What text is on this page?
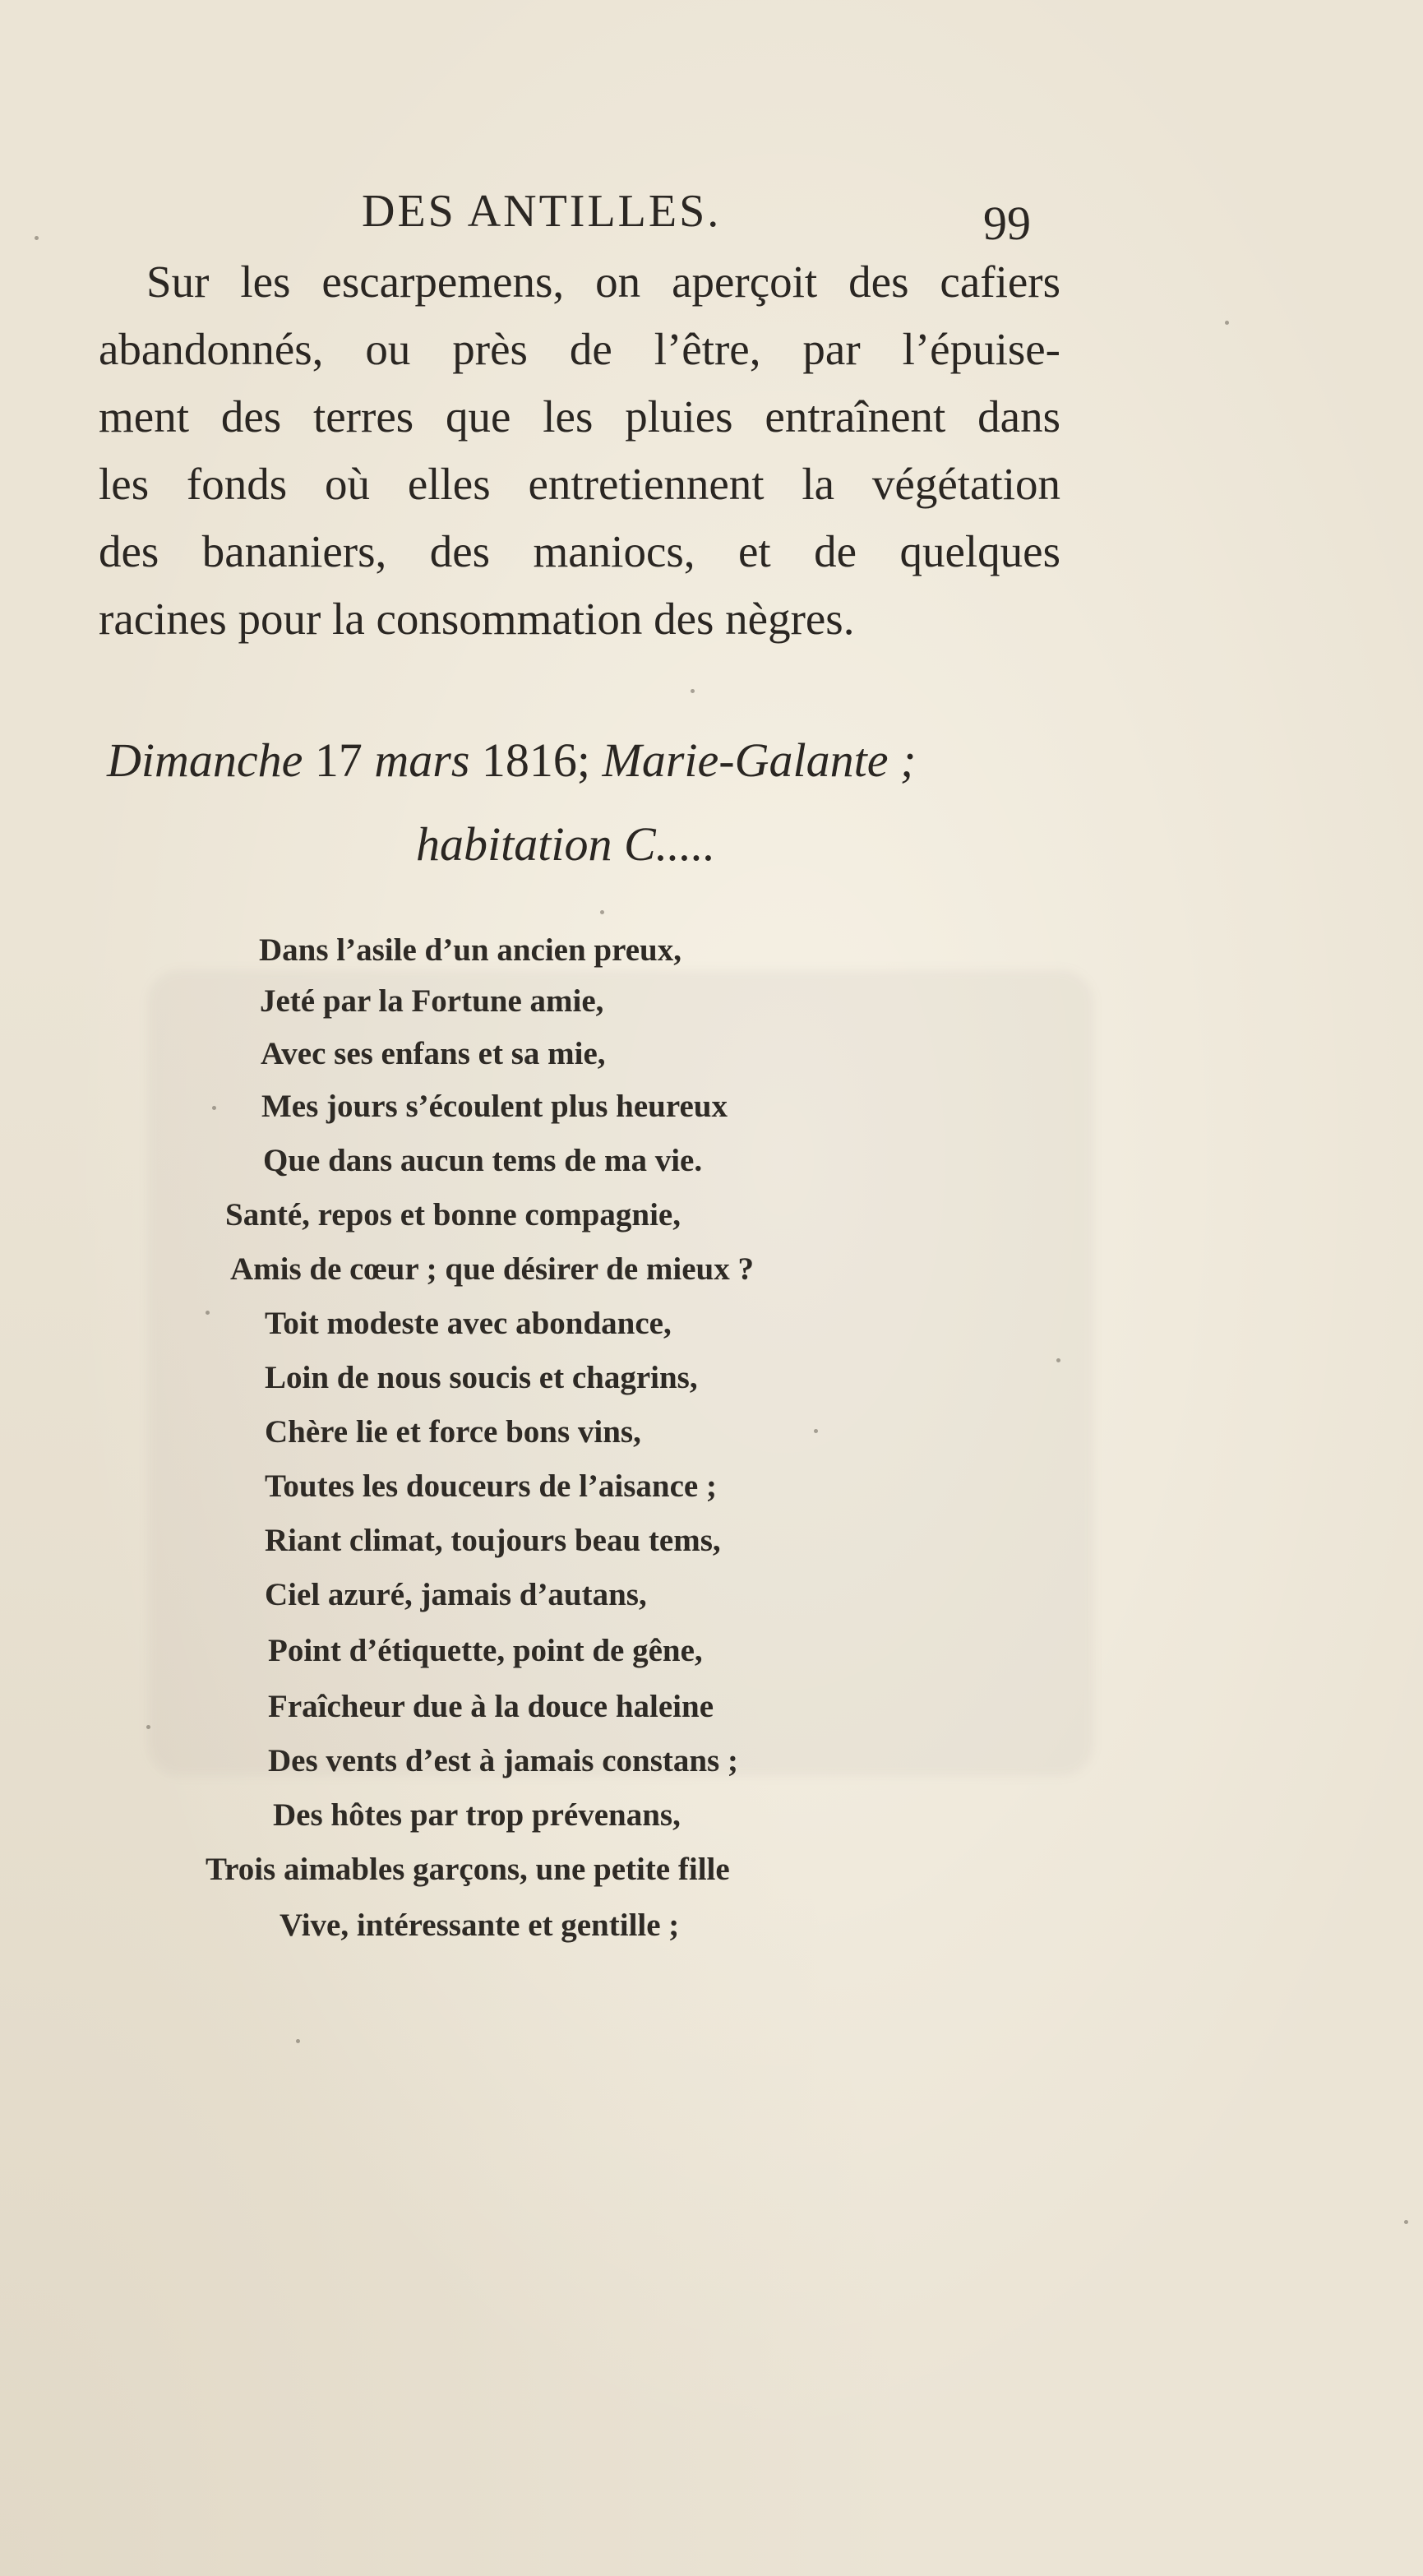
DES ANTILLES.	99
Sur les escarpemens, on aperçoit des cafiers
abandonnés, ou près de l’être, par l’épuise-
ment des terres que les pluies entraînent dans
les fonds où elles entretiennent la végétation
des bananiers, des maniocs, et de quelques
racines pour la consommation des nègres.
Dimanche 17 mars 1816; Marie-Galante ;
habitation C.....
Dans l’asile d’un ancien preux,
Jeté par la Fortune amie,
Avec ses enfans et sa mie,
Mes jours s’écoulent plus heureux
Que dans aucun tems de ma vie.
Santé, repos et bonne compagnie,
Amis de cœur ; que désirer de mieux ?
Toit modeste avec abondance,
Loin de nous soucis et chagrins,
Chère lie et force bons vins,
Toutes les douceurs de l’aisance ;
Riant climat, toujours beau tems,
Ciel azuré, jamais d’autans,
Point d’étiquette, point de gêne,
Fraîcheur due à la douce haleine
Des vents d’est à jamais constans ;
Des hôtes par trop prévenans,
Trois aimables garçons, une petite fille
Vive, intéressante et gentille ;
